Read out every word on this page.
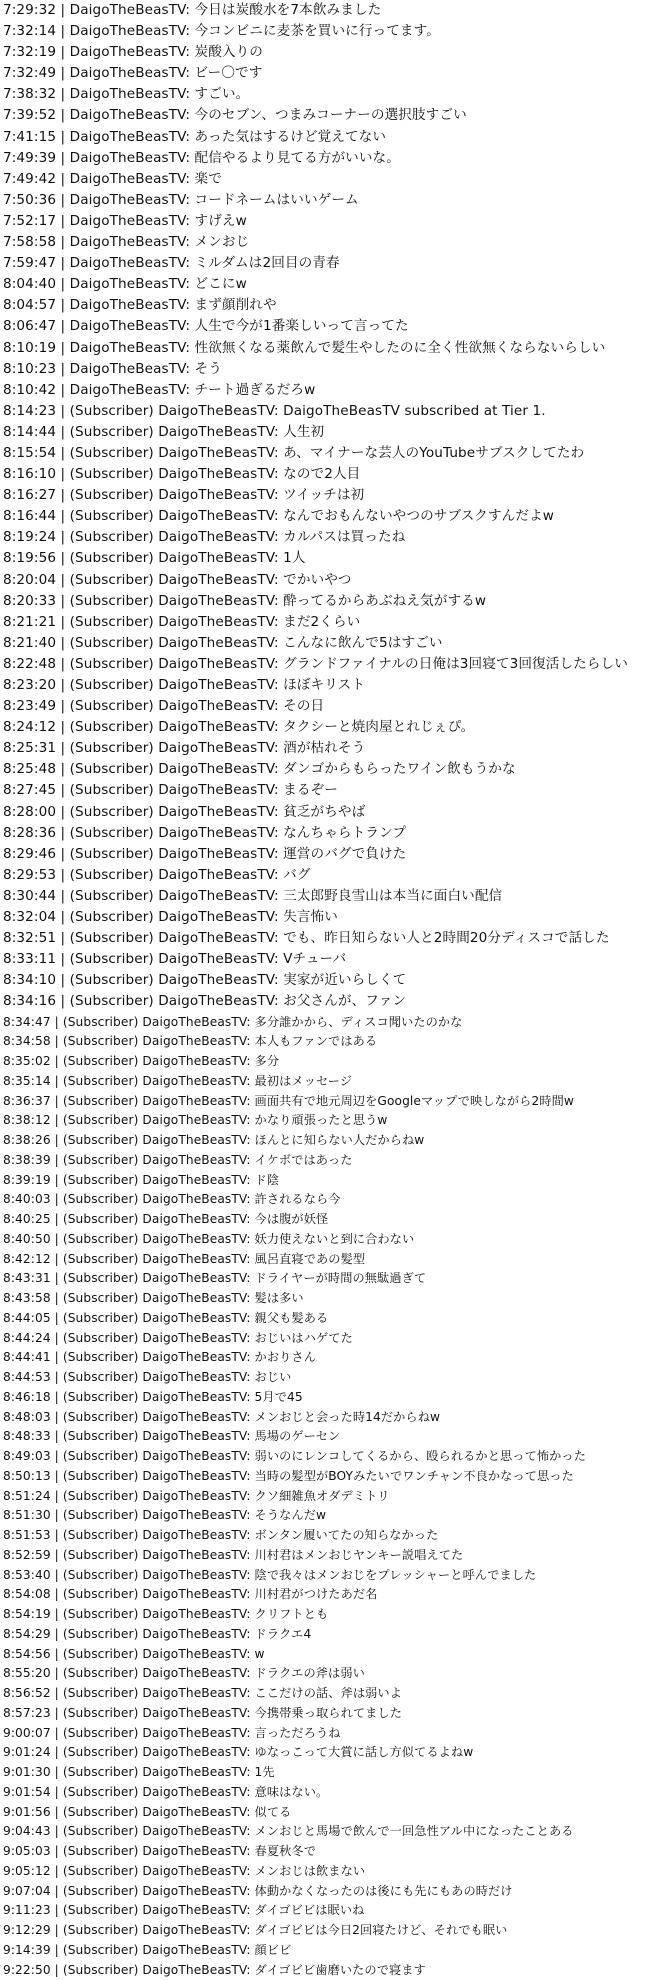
7:29:32 | DaigoTheBeasTV: 今日は炭酸水を7本飲みました
7:32:14 | DaigoTheBeasTV: 今コンビニに麦茶を買いに行ってます。
7:32:19 | DaigoTheBeasTV: 炭酸入りの
7:32:49 | DaigoTheBeasTV: ビー〇です
7:38:32 | DaigoTheBeasTV: すごい。
7:39:52 | DaigoTheBeasTV: 今のセブン、つまみコーナーの選択肢すごい
7:41:15 | DaigoTheBeasTV: あった気はするけど覚えてない
7:49:39 | DaigoTheBeasTV: 配信やるより見てる方がいいな。
7:49:42 | DaigoTheBeasTV: 楽で
7:50:36 | DaigoTheBeasTV: コードネームはいいゲーム
7:52:17 | DaigoTheBeasTV: すげえw
7:58:58 | DaigoTheBeasTV: メンおじ
7:59:47 | DaigoTheBeasTV: ミルダムは2回目の青春
8:04:40 | DaigoTheBeasTV: どこにw
8:04:57 | DaigoTheBeasTV: まず顔削れや
8:06:47 | DaigoTheBeasTV: 人生で今が1番楽しいって言ってた
8:10:19 | DaigoTheBeasTV: 性欲無くなる薬飲んで髪生やしたのに全く性欲無くならないらしい
8:10:23 | DaigoTheBeasTV: そう
8:10:42 | DaigoTheBeasTV: チート過ぎるだろw
8:14:23 | (Subscriber) DaigoTheBeasTV: DaigoTheBeasTV subscribed at Tier 1.
8:14:44 | (Subscriber) DaigoTheBeasTV: 人生初
8:15:54 | (Subscriber) DaigoTheBeasTV: あ、マイナーな芸人のYouTubeサブスクしてたわ
8:16:10 | (Subscriber) DaigoTheBeasTV: なので2人目
8:16:27 | (Subscriber) DaigoTheBeasTV: ツイッチは初
8:16:44 | (Subscriber) DaigoTheBeasTV: なんでおもんないやつのサブスクすんだよw
8:19:24 | (Subscriber) DaigoTheBeasTV: カルパスは買ったね
8:19:56 | (Subscriber) DaigoTheBeasTV: 1人
8:20:04 | (Subscriber) DaigoTheBeasTV: でかいやつ
8:20:33 | (Subscriber) DaigoTheBeasTV: 酔ってるからあぶねえ気がするw
8:21:21 | (Subscriber) DaigoTheBeasTV: まだ2くらい
8:21:40 | (Subscriber) DaigoTheBeasTV: こんなに飲んで5はすごい
8:22:48 | (Subscriber) DaigoTheBeasTV: グランドファイナルの日俺は3回寝て3回復活したらしい
8:23:20 | (Subscriber) DaigoTheBeasTV: ほぼキリスト
8:23:49 | (Subscriber) DaigoTheBeasTV: その日
8:24:12 | (Subscriber) DaigoTheBeasTV: タクシーと焼肉屋とれじぇぴ。
8:25:31 | (Subscriber) DaigoTheBeasTV: 酒が枯れそう
8:25:48 | (Subscriber) DaigoTheBeasTV: ダンゴからもらったワイン飲もうかな
8:27:45 | (Subscriber) DaigoTheBeasTV: まるぞー
8:28:00 | (Subscriber) DaigoTheBeasTV: 貧乏がちやば
8:28:36 | (Subscriber) DaigoTheBeasTV: なんちゃらトランプ
8:29:46 | (Subscriber) DaigoTheBeasTV: 運営のバグで負けた
8:29:53 | (Subscriber) DaigoTheBeasTV: バグ
8:30:44 | (Subscriber) DaigoTheBeasTV: 三太郎野良雪山は本当に面白い配信
8:32:04 | (Subscriber) DaigoTheBeasTV: 失言怖い
8:32:51 | (Subscriber) DaigoTheBeasTV: でも、昨日知らない人と2時間20分ディスコで話した
8:33:11 | (Subscriber) DaigoTheBeasTV: Vチューバ
8:34:10 | (Subscriber) DaigoTheBeasTV: 実家が近いらしくて
8:34:16 | (Subscriber) DaigoTheBeasTV: お父さんが、ファン
8:34:47 | (Subscriber) DaigoTheBeasTV: 多分誰かから、ディスコ聞いたのかな
8:34:58 | (Subscriber) DaigoTheBeasTV: 本人もファンではある
8:35:02 | (Subscriber) DaigoTheBeasTV: 多分
8:35:14 | (Subscriber) DaigoTheBeasTV: 最初はメッセージ
8:36:37 | (Subscriber) DaigoTheBeasTV: 画面共有で地元周辺をGoogleマップで映しながら2時間w
8:38:12 | (Subscriber) DaigoTheBeasTV: かなり頑張ったと思うw
8:38:26 | (Subscriber) DaigoTheBeasTV: ほんとに知らない人だからねw
8:38:39 | (Subscriber) DaigoTheBeasTV: イケボではあった
8:39:19 | (Subscriber) DaigoTheBeasTV: ド陰
8:40:03 | (Subscriber) DaigoTheBeasTV: 許されるなら今
8:40:25 | (Subscriber) DaigoTheBeasTV: 今は腹が妖怪
8:40:50 | (Subscriber) DaigoTheBeasTV: 妖力使えないと到に合わない
8:42:12 | (Subscriber) DaigoTheBeasTV: 風呂直寝であの髪型
8:43:31 | (Subscriber) DaigoTheBeasTV: ドライヤーが時間の無駄過ぎて
8:43:58 | (Subscriber) DaigoTheBeasTV: 髪は多い
8:44:05 | (Subscriber) DaigoTheBeasTV: 親父も髪ある
8:44:24 | (Subscriber) DaigoTheBeasTV: おじいはハゲてた
8:44:41 | (Subscriber) DaigoTheBeasTV: かおりさん
8:44:53 | (Subscriber) DaigoTheBeasTV: おじい
8:46:18 | (Subscriber) DaigoTheBeasTV: 5月で45
8:48:03 | (Subscriber) DaigoTheBeasTV: メンおじと会った時14だからねw
8:48:33 | (Subscriber) DaigoTheBeasTV: 馬場のゲーセン
8:49:03 | (Subscriber) DaigoTheBeasTV: 弱いのにレンコしてくるから、殴られるかと思って怖かった
8:50:13 | (Subscriber) DaigoTheBeasTV: 当時の髪型がBOYみたいでワンチャン不良かなって思った
8:51:24 | (Subscriber) DaigoTheBeasTV: クソ細雑魚オダデミトリ
8:51:30 | (Subscriber) DaigoTheBeasTV: そうなんだw
8:51:53 | (Subscriber) DaigoTheBeasTV: ボンタン履いてたの知らなかった
8:52:59 | (Subscriber) DaigoTheBeasTV: 川村君はメンおじヤンキー説唱えてた
8:53:40 | (Subscriber) DaigoTheBeasTV: 陰で我々はメンおじをプレッシャーと呼んでました
8:54:08 | (Subscriber) DaigoTheBeasTV: 川村君がつけたあだ名
8:54:19 | (Subscriber) DaigoTheBeasTV: クリフトとも
8:54:29 | (Subscriber) DaigoTheBeasTV: ドラクエ4
8:54:56 | (Subscriber) DaigoTheBeasTV: w
8:55:20 | (Subscriber) DaigoTheBeasTV: ドラクエの斧は弱い
8:56:52 | (Subscriber) DaigoTheBeasTV: ここだけの話、斧は弱いよ
8:57:23 | (Subscriber) DaigoTheBeasTV: 今携帯乗っ取られてました
9:00:07 | (Subscriber) DaigoTheBeasTV: 言っただろうね
9:01:24 | (Subscriber) DaigoTheBeasTV: ゆなっこって大賞に話し方似てるよねw
9:01:30 | (Subscriber) DaigoTheBeasTV: 1先
9:01:54 | (Subscriber) DaigoTheBeasTV: 意味はない。
9:01:56 | (Subscriber) DaigoTheBeasTV: 似てる
9:04:43 | (Subscriber) DaigoTheBeasTV: メンおじと馬場で飲んで一回急性アル中になったことある
9:05:03 | (Subscriber) DaigoTheBeasTV: 春夏秋冬で
9:05:12 | (Subscriber) DaigoTheBeasTV: メンおじは飲まない
9:07:04 | (Subscriber) DaigoTheBeasTV: 体動かなくなったのは後にも先にもあの時だけ
9:11:23 | (Subscriber) DaigoTheBeasTV: ダイゴビビは眠いね
9:12:29 | (Subscriber) DaigoTheBeasTV: ダイゴビビは今日2回寝たけど、それでも眠い
9:14:39 | (Subscriber) DaigoTheBeasTV: 顔ビビ
9:22:50 | (Subscriber) DaigoTheBeasTV: ダイゴビビ歯磨いたので寝ます
